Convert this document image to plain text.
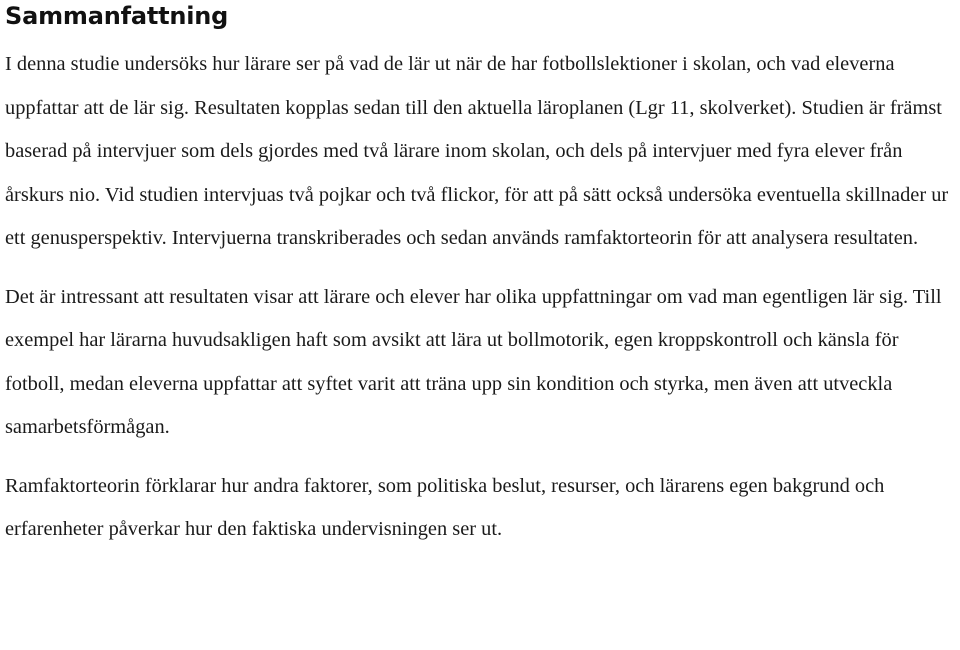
Sammanfattning

I denna studie undersöks hur lärare ser på vad de lär ut när de har fotbollslektioner i skolan, och vad eleverna uppfattar att de lär sig. Resultaten kopplas sedan till den aktuella läroplanen (Lgr 11, skolverket). Studien är främst baserad på intervjuer som dels gjordes med två lärare inom skolan, och dels på intervjuer med fyra elever från årskurs nio. Vid studien intervjuas två pojkar och två flickor, för att på sätt också undersöka eventuella skillnader ur ett genusperspektiv. Intervjuerna transkriberades och sedan används ramfaktorteorin för att analysera resultaten.

Det är intressant att resultaten visar att lärare och elever har olika uppfattningar om vad man egentligen lär sig. Till exempel har lärarna huvudsakligen haft som avsikt att lära ut bollmotorik, egen kroppskontroll och känsla för fotboll, medan eleverna uppfattar att syftet varit att träna upp sin kondition och styrka, men även att utveckla samarbetsförmågan.

Ramfaktorteorin förklarar hur andra faktorer, som politiska beslut, resurser, och lärarens egen bakgrund och erfarenheter påverkar hur den faktiska undervisningen ser ut.
